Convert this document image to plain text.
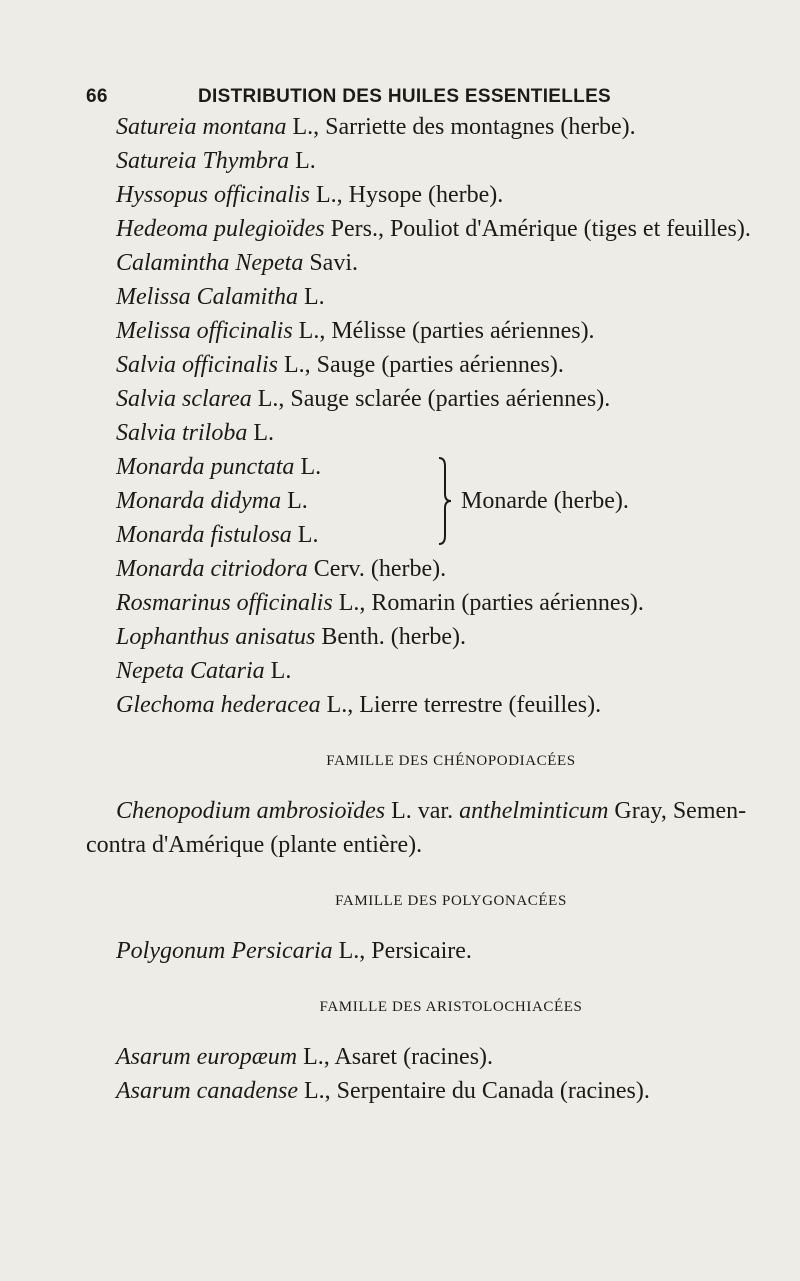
66	DISTRIBUTION DES HUILES ESSENTIELLES
Satureia montana L., Sarriette des montagnes (herbe).
Satureia Thymbra L.
Hyssopus officinalis L., Hysope (herbe).
Hedeoma pulegioïdes Pers., Pouliot d'Amérique (tiges et feuilles).
Calamintha Nepeta Savi.
Melissa Calamitha L.
Melissa officinalis L., Mélisse (parties aériennes).
Salvia officinalis L., Sauge (parties aériennes).
Salvia sclarea L., Sauge sclarée (parties aériennes).
Salvia triloba L.
Monarda punctata L.
Monarda didyma L.
Monarda fistulosa L.
Monarde (herbe).
Monarda citriodora Cerv. (herbe).
Rosmarinus officinalis L., Romarin (parties aériennes).
Lophanthus anisatus Benth. (herbe).
Nepeta Cataria L.
Glechoma hederacea L., Lierre terrestre (feuilles).
FAMILLE DES CHÉNOPODIACÉES
Chenopodium ambrosioïdes L. var. anthelminticum Gray, Semen-contra d'Amérique (plante entière).
FAMILLE DES POLYGONACÉES
Polygonum Persicaria L., Persicaire.
FAMILLE DES ARISTOLOCHIACÉES
Asarum europæum L., Asaret (racines).
Asarum canadense L., Serpentaire du Canada (racines).
